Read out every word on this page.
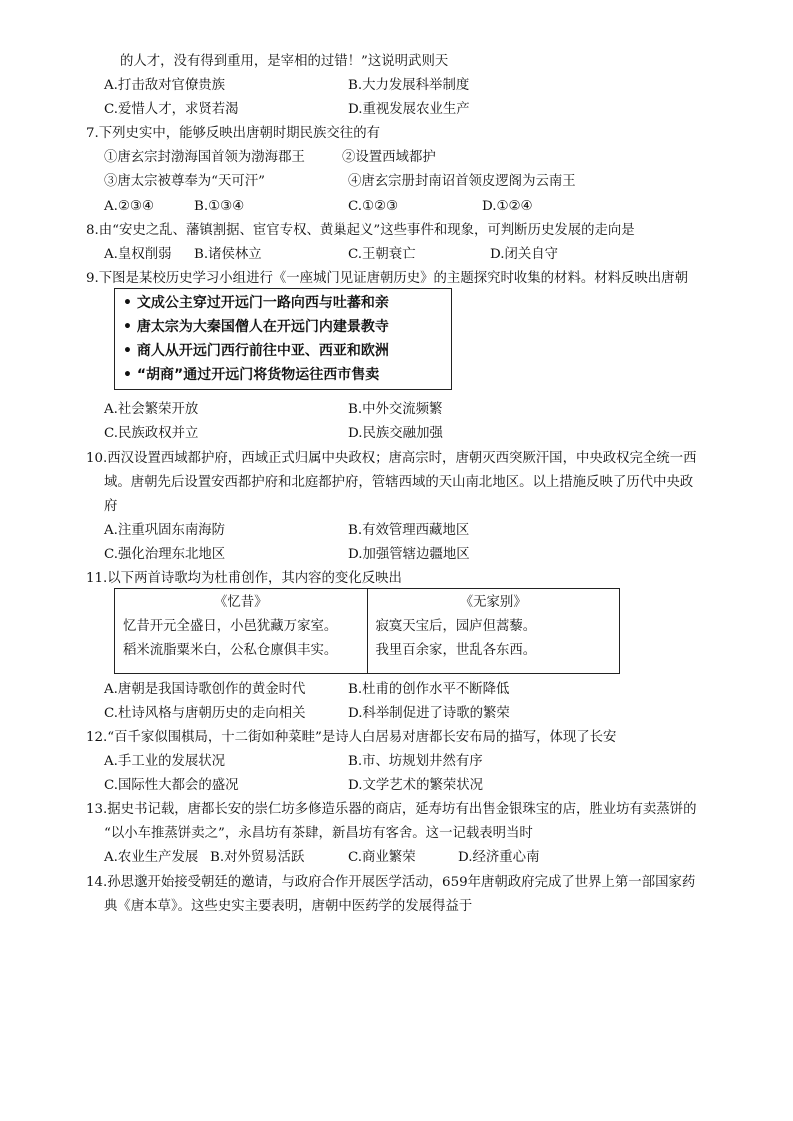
的人才，没有得到重用，是宰相的过错！”这说明武则天
A.打击敌对官僚贵族	B.大力发展科举制度
C.爱惜人才，求贤若渴	D.重视发展农业生产
7.下列史实中，能够反映出唐朝时期民族交往的有
①唐玄宗封渤海国首领为渤海郡王	②设置西域都护
③唐太宗被尊奉为“天可汗”	④唐玄宗册封南诏首领皮逻阁为云南王
A.②③④	B.①③④	C.①②③	D.①②④
8.由“安史之乱、藩镇割据、宦官专权、黄巢起义”这些事件和现象，可判断历史发展的走向是
A.皇权削弱 B.诸侯林立	C.王朝衰亡	D.闭关自守
9.下图是某校历史学习小组进行《一座城门见证唐朝历史》的主题探究时收集的材料。材料反映出唐朝
• 文成公主穿过开远门一路向西与吐蕃和亲
• 唐太宗为大秦国僧人在开远门内建景教寺
• 商人从开远门西行前往中亚、西亚和欧洲
• “胡商”通过开远门将货物运往西市售卖
A.社会繁荣开放	B.中外交流频繁
C.民族政权并立	D.民族交融加强
10.西汉设置西域都护府，西域正式归属中央政权；唐高宗时，唐朝灭西突厥汗国，中央政权完全统一西
域。唐朝先后设置安西都护府和北庭都护府，管辖西域的天山南北地区。以上措施反映了历代中央政
府
A.注重巩固东南海防	B.有效管理西藏地区
C.强化治理东北地区	D.加强管辖边疆地区
11.以下两首诗歌均为杜甫创作，其内容的变化反映出
《忆昔》
忆昔开元全盛日，小邑犹藏万家室。
稻米流脂粟米白，公私仓廪俱丰实。

《无家别》
寂寞天宝后，园庐但蒿藜。
我里百余家，世乱各东西。
A.唐朝是我国诗歌创作的黄金时代	B.杜甫的创作水平不断降低
C.杜诗风格与唐朝历史的走向相关	D.科举制促进了诗歌的繁荣
12.“百千家似围棋局，十二街如种菜畦”是诗人白居易对唐都长安布局的描写，体现了长安
A.手工业的发展状况	B.市、坊规划井然有序
C.国际性大都会的盛况	D.文学艺术的繁荣状况
13.据史书记载，唐都长安的崇仁坊多修造乐器的商店，延寿坊有出售金银珠宝的店，胜业坊有卖蒸饼的
“以小车推蒸饼卖之”，永昌坊有茶肆，新昌坊有客舍。这一记载表明当时
A.农业生产发展 B.对外贸易活跃	C.商业繁荣	D.经济重心南
14.孙思邈开始接受朝廷的邀请，与政府合作开展医学活动，659年唐朝政府完成了世界上第一部国家药
典《唐本草》。这些史实主要表明，唐朝中医药学的发展得益于
